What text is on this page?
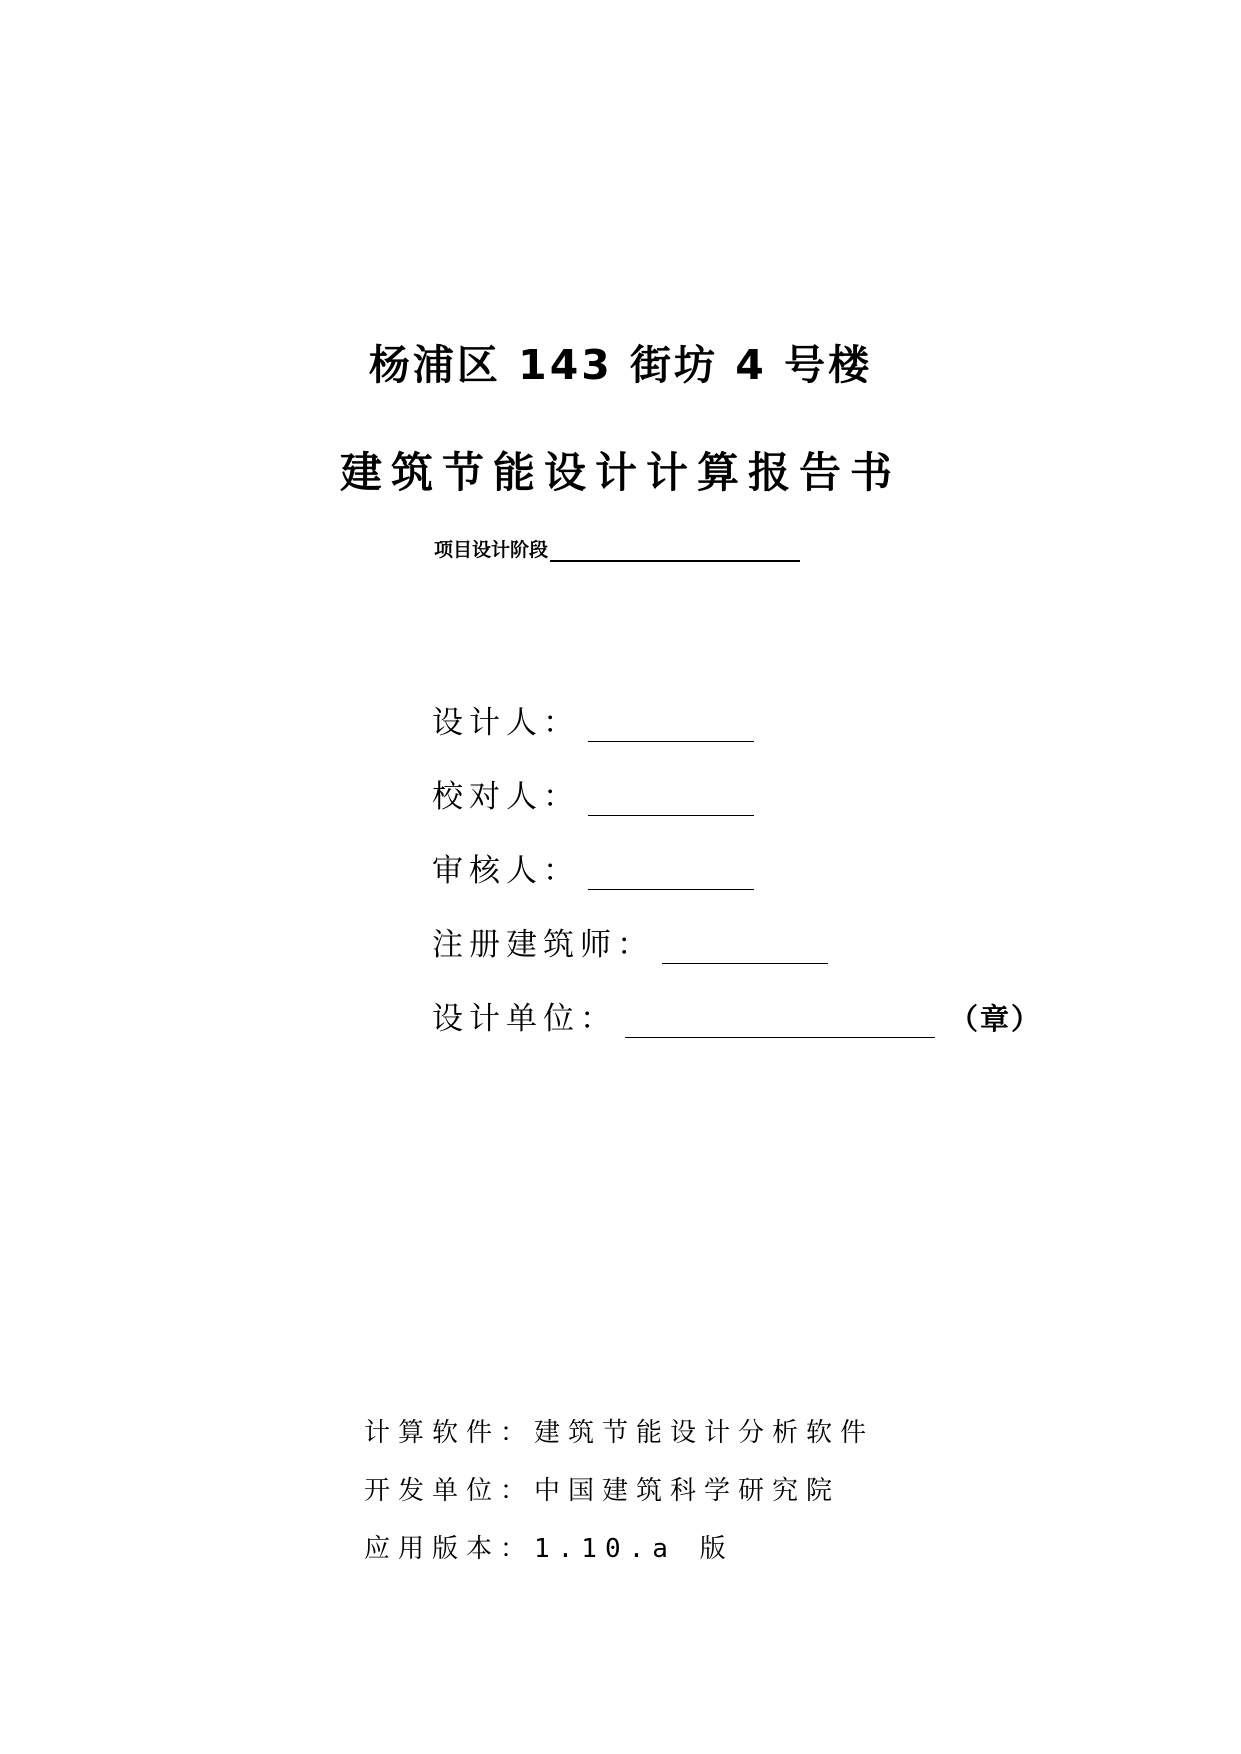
杨浦区 143 街坊 4 号楼
建筑节能设计计算报告书
项目设计阶段
设计人：
校对人：
审核人：
注册建筑师：
设计单位：	（章）
计算软件：建筑节能设计分析软件
开发单位：中国建筑科学研究院
应用版本：1.10.a 版
